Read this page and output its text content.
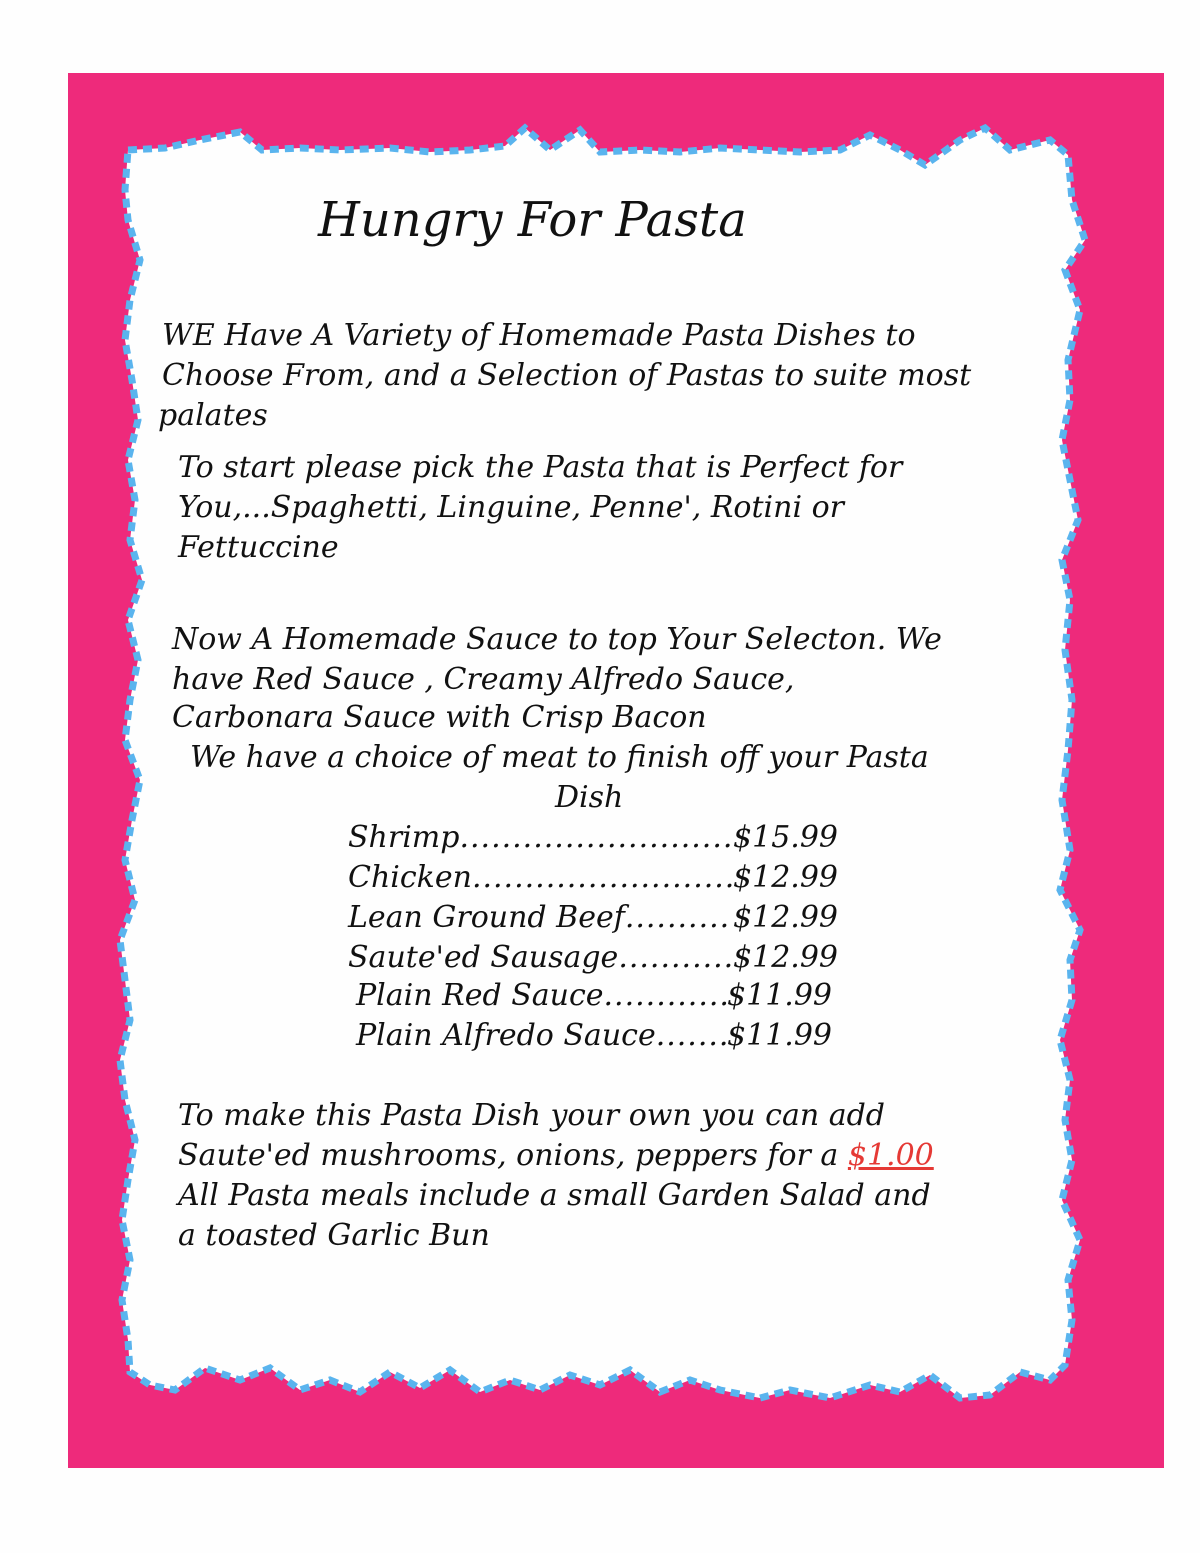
Hungry For Pasta
WE Have A Variety of Homemade Pasta Dishes to
Choose From, and a Selection of Pastas to suite most
palates
To start please pick the Pasta that is Perfect for
You,...Spaghetti, Linguine, Penne', Rotini or
Fettuccine
Now A Homemade Sauce to top Your Selecton. We
have Red Sauce , Creamy Alfredo Sauce,
Carbonara Sauce with Crisp Bacon
We have a choice of meat to finish off your Pasta
Dish
Shrimp .....	$15.99
Chicken .....	$12.99
Lean Ground Beef .....	$12.99
Saute'ed Sausage .....	$12.99
Plain Red Sauce .....	$11.99
Plain Alfredo Sauce ..... $11.99
To make this Pasta Dish your own you can add
Saute'ed mushrooms, onions, peppers for a $1.00
All Pasta meals include a small Garden Salad and
a toasted Garlic Bun
